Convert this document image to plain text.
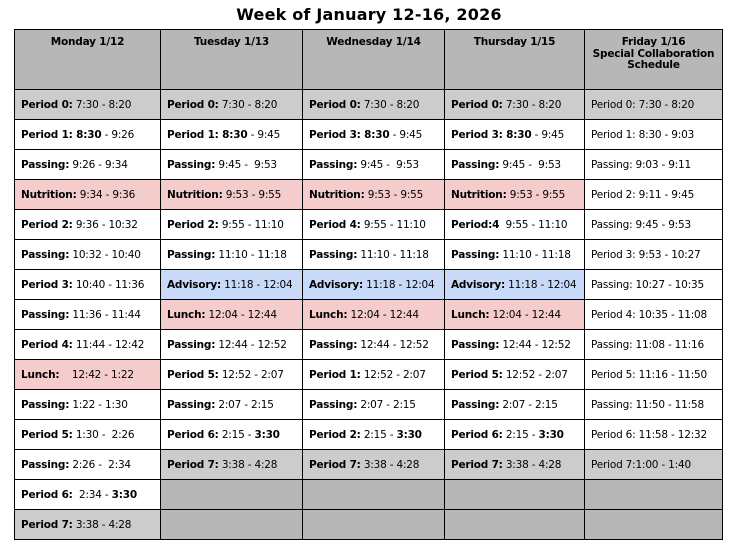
Week of January 12-16, 2026
Monday 1/12	Tuesday 1/13	Wednesday 1/14	Thursday 1/15	Friday 1/16
Special Collaboration
Schedule

Period 0: 7:30 - 8:20	Period 0: 7:30 - 8:20	Period 0: 7:30 - 8:20	Period 0: 7:30 - 8:20	Period 0: 7:30 - 8:20
Period 1: 8:30 - 9:26	Period 1: 8:30 - 9:45	Period 3: 8:30 - 9:45	Period 3: 8:30 - 9:45	Period 1: 8:30 - 9:03
Passing: 9:26 - 9:34	Passing: 9:45 -  9:53	Passing: 9:45 -  9:53	Passing: 9:45 -  9:53	Passing: 9:03 - 9:11
Nutrition: 9:34 - 9:36	Nutrition: 9:53 - 9:55	Nutrition: 9:53 - 9:55	Nutrition: 9:53 - 9:55	Period 2: 9:11 - 9:45
Period 2: 9:36 - 10:32	Period 2: 9:55 - 11:10	Period 4: 9:55 - 11:10	Period:4  9:55 - 11:10	Passing: 9:45 - 9:53
Passing: 10:32 - 10:40	Passing: 11:10 - 11:18	Passing: 11:10 - 11:18	Passing: 11:10 - 11:18	Period 3: 9:53 - 10:27
Period 3: 10:40 - 11:36	Advisory: 11:18 - 12:04	Advisory: 11:18 - 12:04	Advisory: 11:18 - 12:04	Passing: 10:27 - 10:35
Passing: 11:36 - 11:44	Lunch: 12:04 - 12:44	Lunch: 12:04 - 12:44	Lunch: 12:04 - 12:44	Period 4: 10:35 - 11:08
Period 4: 11:44 - 12:42	Passing: 12:44 - 12:52	Passing: 12:44 - 12:52	Passing: 12:44 - 12:52	Passing: 11:08 - 11:16
Lunch:    12:42 - 1:22	Period 5: 12:52 - 2:07	Period 1: 12:52 - 2:07	Period 5: 12:52 - 2:07	Period 5: 11:16 - 11:50
Passing: 1:22 - 1:30	Passing: 2:07 - 2:15	Passing: 2:07 - 2:15	Passing: 2:07 - 2:15	Passing: 11:50 - 11:58
Period 5: 1:30 -  2:26	Period 6: 2:15 - 3:30	Period 2: 2:15 - 3:30	Period 6: 2:15 - 3:30	Period 6: 11:58 - 12:32
Passing: 2:26 -  2:34	Period 7: 3:38 - 4:28	Period 7: 3:38 - 4:28	Period 7: 3:38 - 4:28	Period 7:1:00 - 1:40
Period 6:  2:34 - 3:30				
Period 7: 3:38 - 4:28				
